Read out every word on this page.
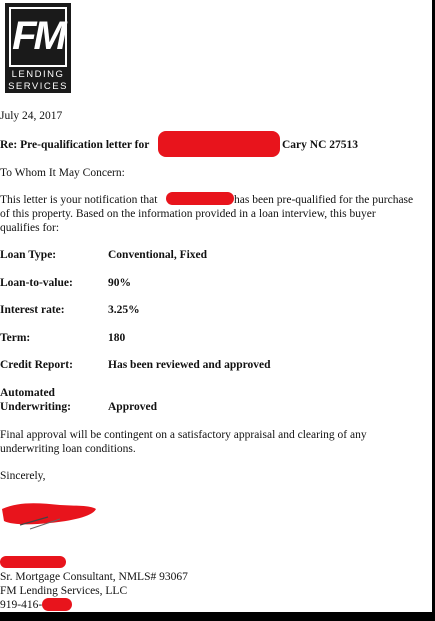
FM
LENDING
SERVICES
July 24, 2017
Re: Pre-qualification letter for	Cary NC 27513
To Whom It May Concern:
This letter is your notification that	has been pre-qualified for the purchase
of this property. Based on the information provided in a loan interview, this buyer
qualifies for:
Loan Type:	Conventional, Fixed
Loan-to-value:	90%
Interest rate:	3.25%
Term:	180
Credit Report:	Has been reviewed and approved
Automated
Underwriting:	Approved
Final approval will be contingent on a satisfactory appraisal and clearing of any
underwriting loan conditions.
Sincerely,
Sr. Mortgage Consultant, NMLS# 93067
FM Lending Services, LLC
919-416-
